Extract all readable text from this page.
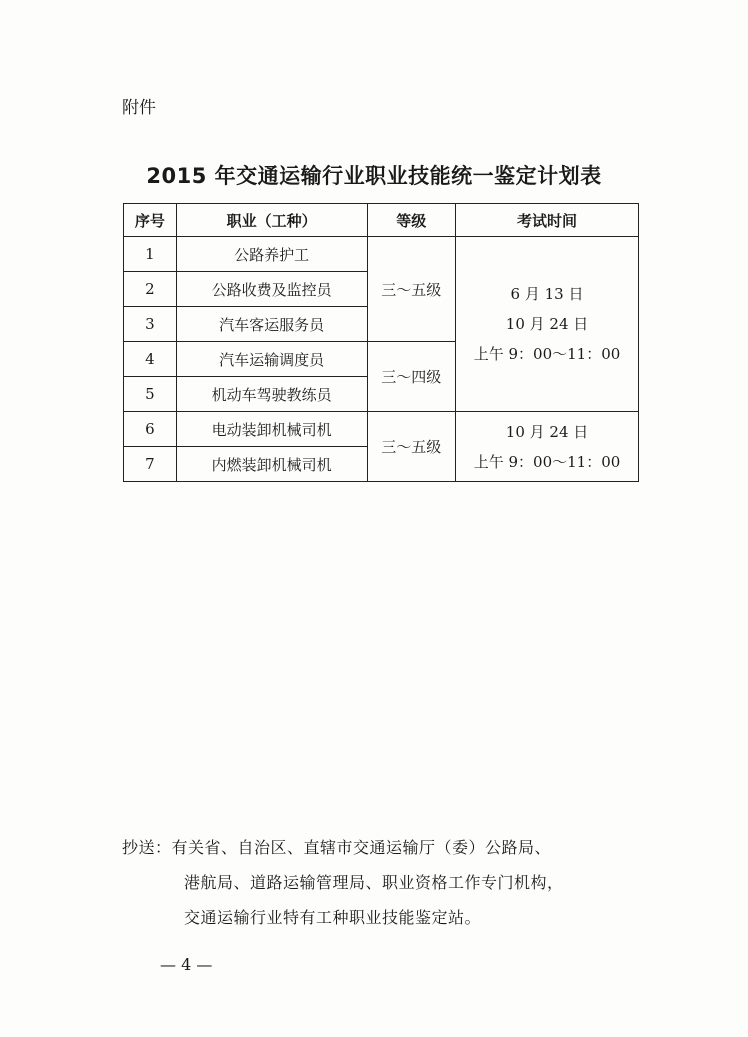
附件
2015 年交通运输行业职业技能统一鉴定计划表
序号	职业（工种）	等级	考试时间
1	公路养护工	三～五级	6 月 13 日
10 月 24 日
上午 9：00～11：00

2	公路收费及监控员		
3	汽车客运服务员		
4	汽车运输调度员	三～四级	
5	机动车驾驶教练员		
6	电动装卸机械司机	三～五级	10 月 24 日
上午 9：00～11：00

7	内燃装卸机械司机		
抄送：有关省、自治区、直辖市交通运输厅（委）公路局、
港航局、道路运输管理局、职业资格工作专门机构，
交通运输行业特有工种职业技能鉴定站。
— 4 —
